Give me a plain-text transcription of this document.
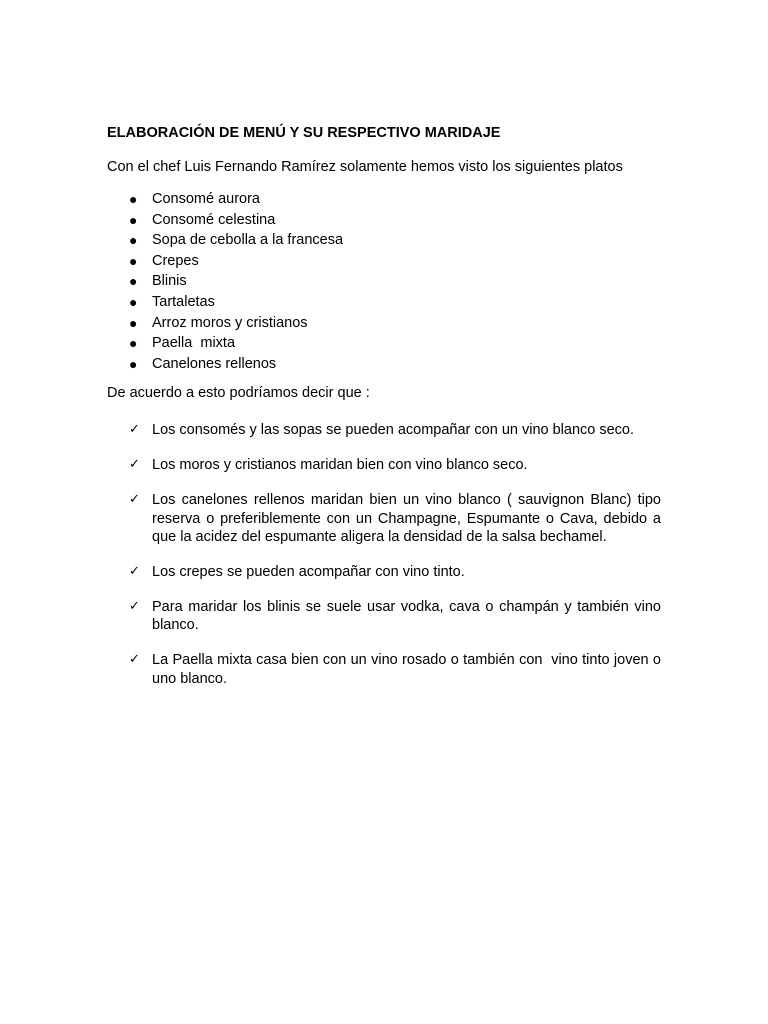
ELABORACIÓN DE MENÚ Y SU RESPECTIVO MARIDAJE

Con el chef Luis Fernando Ramírez solamente hemos visto los siguientes platos

● Consomé aurora
● Consomé celestina
● Sopa de cebolla a la francesa
● Crepes
● Blinis
● Tartaletas
● Arroz moros y cristianos
● Paella  mixta
● Canelones rellenos

De acuerdo a esto podríamos decir que :

✓ Los consomés y las sopas se pueden acompañar con un vino blanco seco.
✓ Los moros y cristianos maridan bien con vino blanco seco.
✓ Los canelones rellenos maridan bien un vino blanco ( sauvignon Blanc) tipo reserva o preferiblemente con un Champagne, Espumante o Cava, debido a que la acidez del espumante aligera la densidad de la salsa bechamel.
✓ Los crepes se pueden acompañar con vino tinto.
✓ Para maridar los blinis se suele usar vodka, cava o champán y también vino blanco.
✓ La Paella mixta casa bien con un vino rosado o también con  vino tinto joven o uno blanco.
